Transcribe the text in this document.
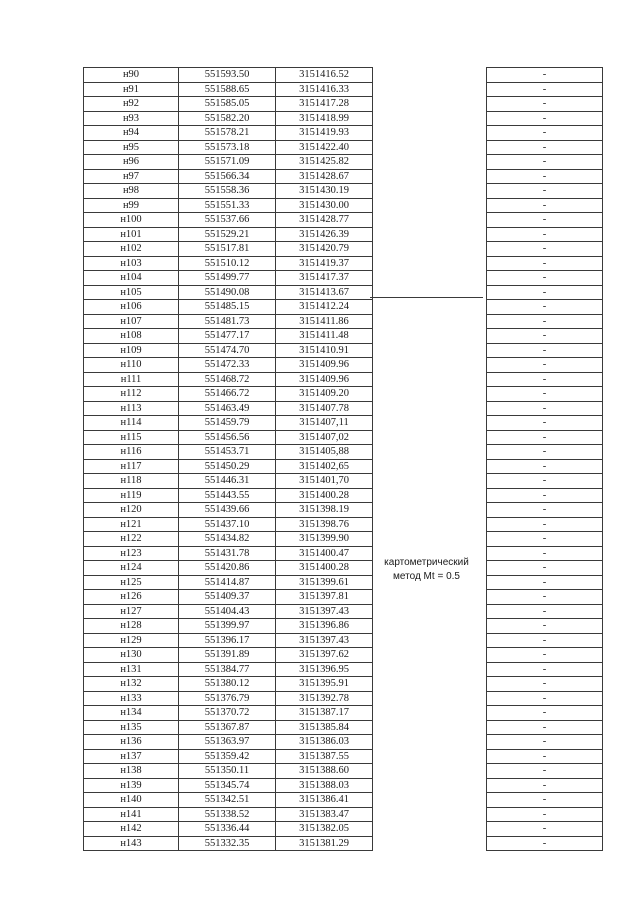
н90	551593.50	3151416.52		-
н91	551588.65	3151416.33		-
н92	551585.05	3151417.28		-
н93	551582.20	3151418.99		-
н94	551578.21	3151419.93		-
н95	551573.18	3151422.40		-
н96	551571.09	3151425.82		-
н97	551566.34	3151428.67		-
н98	551558.36	3151430.19		-
н99	551551.33	3151430.00		-
н100	551537.66	3151428.77		-
н101	551529.21	3151426.39		-
н102	551517.81	3151420.79		-
н103	551510.12	3151419.37		-
н104	551499.77	3151417.37		-
н105	551490.08	3151413.67		-
н106	551485.15	3151412.24		-
н107	551481.73	3151411.86		-
н108	551477.17	3151411.48		-
н109	551474.70	3151410.91		-
н110	551472.33	3151409.96		-
н111	551468.72	3151409.96		-
н112	551466.72	3151409.20		-
н113	551463.49	3151407.78		-
н114	551459.79	3151407,11		-
н115	551456.56	3151407,02		-
н116	551453.71	3151405,88		-
н117	551450.29	3151402,65		-
н118	551446.31	3151401,70		-
н119	551443.55	3151400.28		-
н120	551439.66	3151398.19		-
н121	551437.10	3151398.76		-
н122	551434.82	3151399.90		-
н123	551431.78	3151400.47		-
н124	551420.86	3151400.28		-
н125	551414.87	3151399.61		-
н126	551409.37	3151397.81		-
н127	551404.43	3151397.43		-
н128	551399.97	3151396.86		-
н129	551396.17	3151397.43		-
н130	551391.89	3151397.62		-
н131	551384.77	3151396.95		-
н132	551380.12	3151395.91		-
н133	551376.79	3151392.78		-
н134	551370.72	3151387.17		-
н135	551367.87	3151385.84		-
н136	551363.97	3151386.03		-
н137	551359.42	3151387.55		-
н138	551350.11	3151388.60		-
н139	551345.74	3151388.03		-
н140	551342.51	3151386.41		-
н141	551338.52	3151383.47		-
н142	551336.44	3151382.05		-
н143	551332.35	3151381.29		-
картометрический
метод Mt = 0.5
